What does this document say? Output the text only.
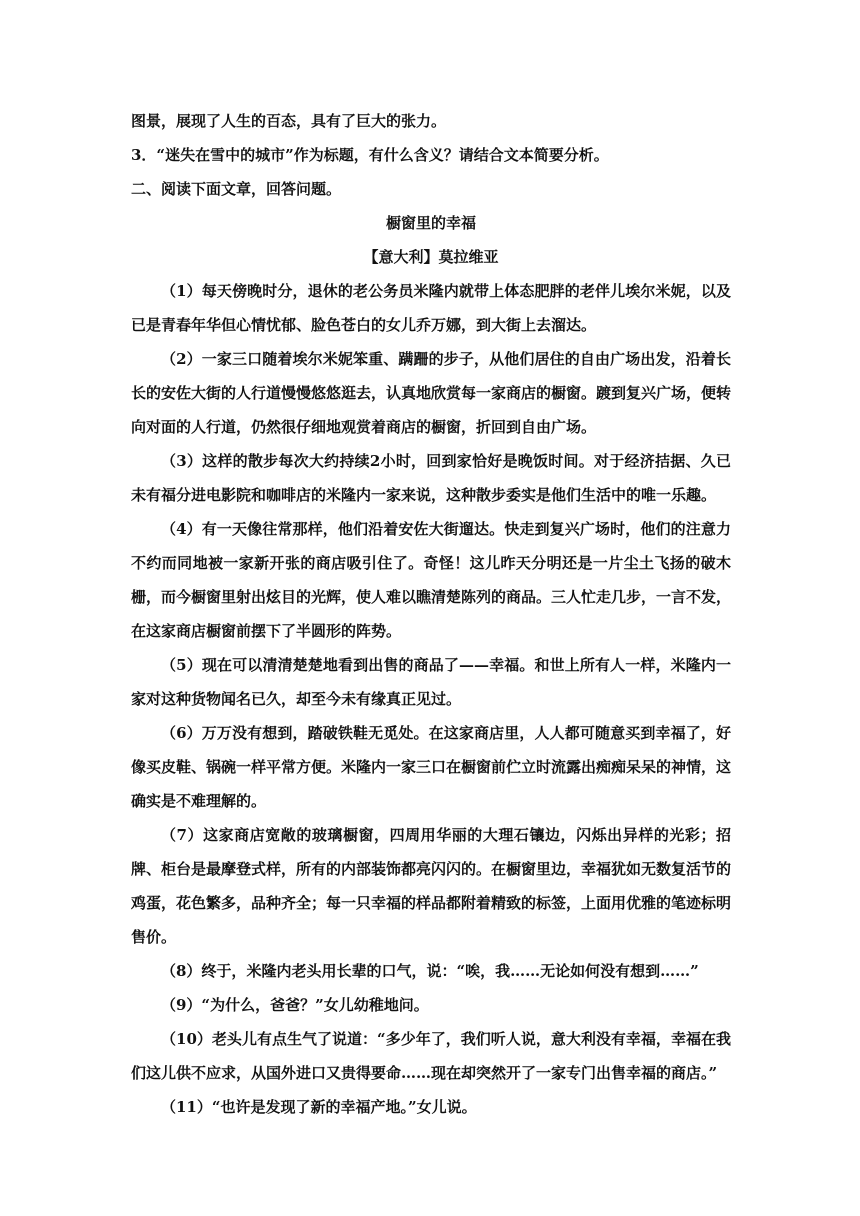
图景，展现了人生的百态，具有了巨大的张力。

3．“迷失在雪中的城市”作为标题，有什么含义？请结合文本简要分析。

二、阅读下面文章，回答问题。

橱窗里的幸福

【意大利】莫拉维亚

（1）每天傍晚时分，退休的老公务员米隆内就带上体态肥胖的老伴儿埃尔米妮，以及已是青春年华但心情忧郁、脸色苍白的女儿乔万娜，到大街上去溜达。

（2）一家三口随着埃尔米妮笨重、蹒跚的步子，从他们居住的自由广场出发，沿着长长的安佐大街的人行道慢慢悠悠逛去，认真地欣赏每一家商店的橱窗。踱到复兴广场，便转向对面的人行道，仍然很仔细地观赏着商店的橱窗，折回到自由广场。

（3）这样的散步每次大约持续2小时，回到家恰好是晚饭时间。对于经济拮据、久已未有福分进电影院和咖啡店的米隆内一家来说，这种散步委实是他们生活中的唯一乐趣。

（4）有一天像往常那样，他们沿着安佐大街遛达。快走到复兴广场时，他们的注意力不约而同地被一家新开张的商店吸引住了。奇怪！这儿昨天分明还是一片尘土飞扬的破木栅，而今橱窗里射出炫目的光辉，使人难以瞧清楚陈列的商品。三人忙走几步，一言不发，在这家商店橱窗前摆下了半圆形的阵势。

（5）现在可以清清楚楚地看到出售的商品了——幸福。和世上所有人一样，米隆内一家对这种货物闻名已久，却至今未有缘真正见过。

（6）万万没有想到，踏破铁鞋无觅处。在这家商店里，人人都可随意买到幸福了，好像买皮鞋、锅碗一样平常方便。米隆内一家三口在橱窗前伫立时流露出痴痴呆呆的神情，这确实是不难理解的。

（7）这家商店宽敞的玻璃橱窗，四周用华丽的大理石镶边，闪烁出异样的光彩；招牌、柜台是最摩登式样，所有的内部装饰都亮闪闪的。在橱窗里边，幸福犹如无数复活节的鸡蛋，花色繁多，品种齐全；每一只幸福的样品都附着精致的标签，上面用优雅的笔迹标明售价。

（8）终于，米隆内老头用长辈的口气，说：“唉，我……无论如何没有想到……”

（9）“为什么，爸爸？”女儿幼稚地问。

（10）老头儿有点生气了说道：“多少年了，我们听人说，意大利没有幸福，幸福在我们这儿供不应求，从国外进口又贵得要命……现在却突然开了一家专门出售幸福的商店。”

（11）“也许是发现了新的幸福产地。”女儿说。
